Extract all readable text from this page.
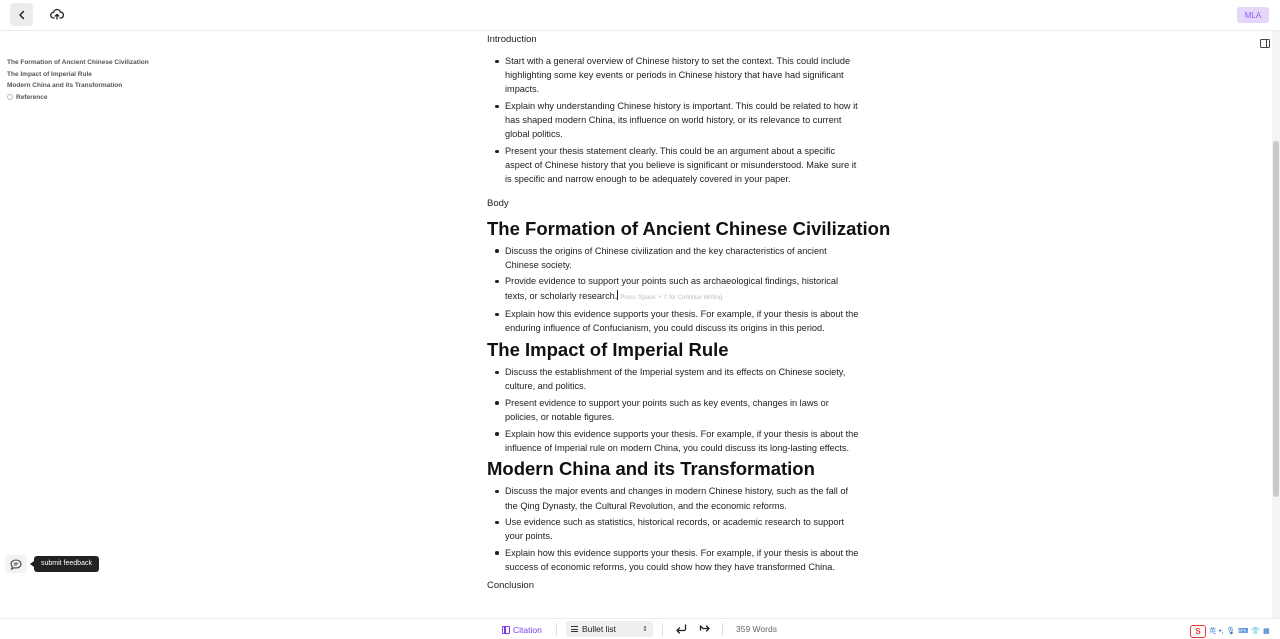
MLA
The Formation of Ancient Chinese Civilization
The Impact of Imperial Rule
Modern China and its Transformation
Reference
Introduction
Start with a general overview of Chinese history to set the context. This could include highlighting some key events or periods in Chinese history that have had significant impacts.
Explain why understanding Chinese history is important. This could be related to how it has shaped modern China, its influence on world history, or its relevance to current global politics.
Present your thesis statement clearly. This could be an argument about a specific aspect of Chinese history that you believe is significant or misunderstood. Make sure it is specific and narrow enough to be adequately covered in your paper.
Body
The Formation of Ancient Chinese Civilization
Discuss the origins of Chinese civilization and the key characteristics of ancient Chinese society.
Provide evidence to support your points such as archaeological findings, historical texts, or scholarly research. Press 'Space' + '/' for Continue Writing
Explain how this evidence supports your thesis. For example, if your thesis is about the enduring influence of Confucianism, you could discuss its origins in this period.
The Impact of Imperial Rule
Discuss the establishment of the Imperial system and its effects on Chinese society, culture, and politics.
Present evidence to support your points such as key events, changes in laws or policies, or notable figures.
Explain how this evidence supports your thesis. For example, if your thesis is about the influence of Imperial rule on modern China, you could discuss its long-lasting effects.
Modern China and its Transformation
Discuss the major events and changes in modern Chinese history, such as the fall of the Qing Dynasty, the Cultural Revolution, and the economic reforms.
Use evidence such as statistics, historical records, or academic research to support your points.
Explain how this evidence supports your thesis. For example, if your thesis is about the success of economic reforms, you could show how they have transformed China.
Conclusion
submit feedback
Citation	Bullet list	⇕	359 Words	S	英 •, 🎙 ⌨ 👕 ▦
